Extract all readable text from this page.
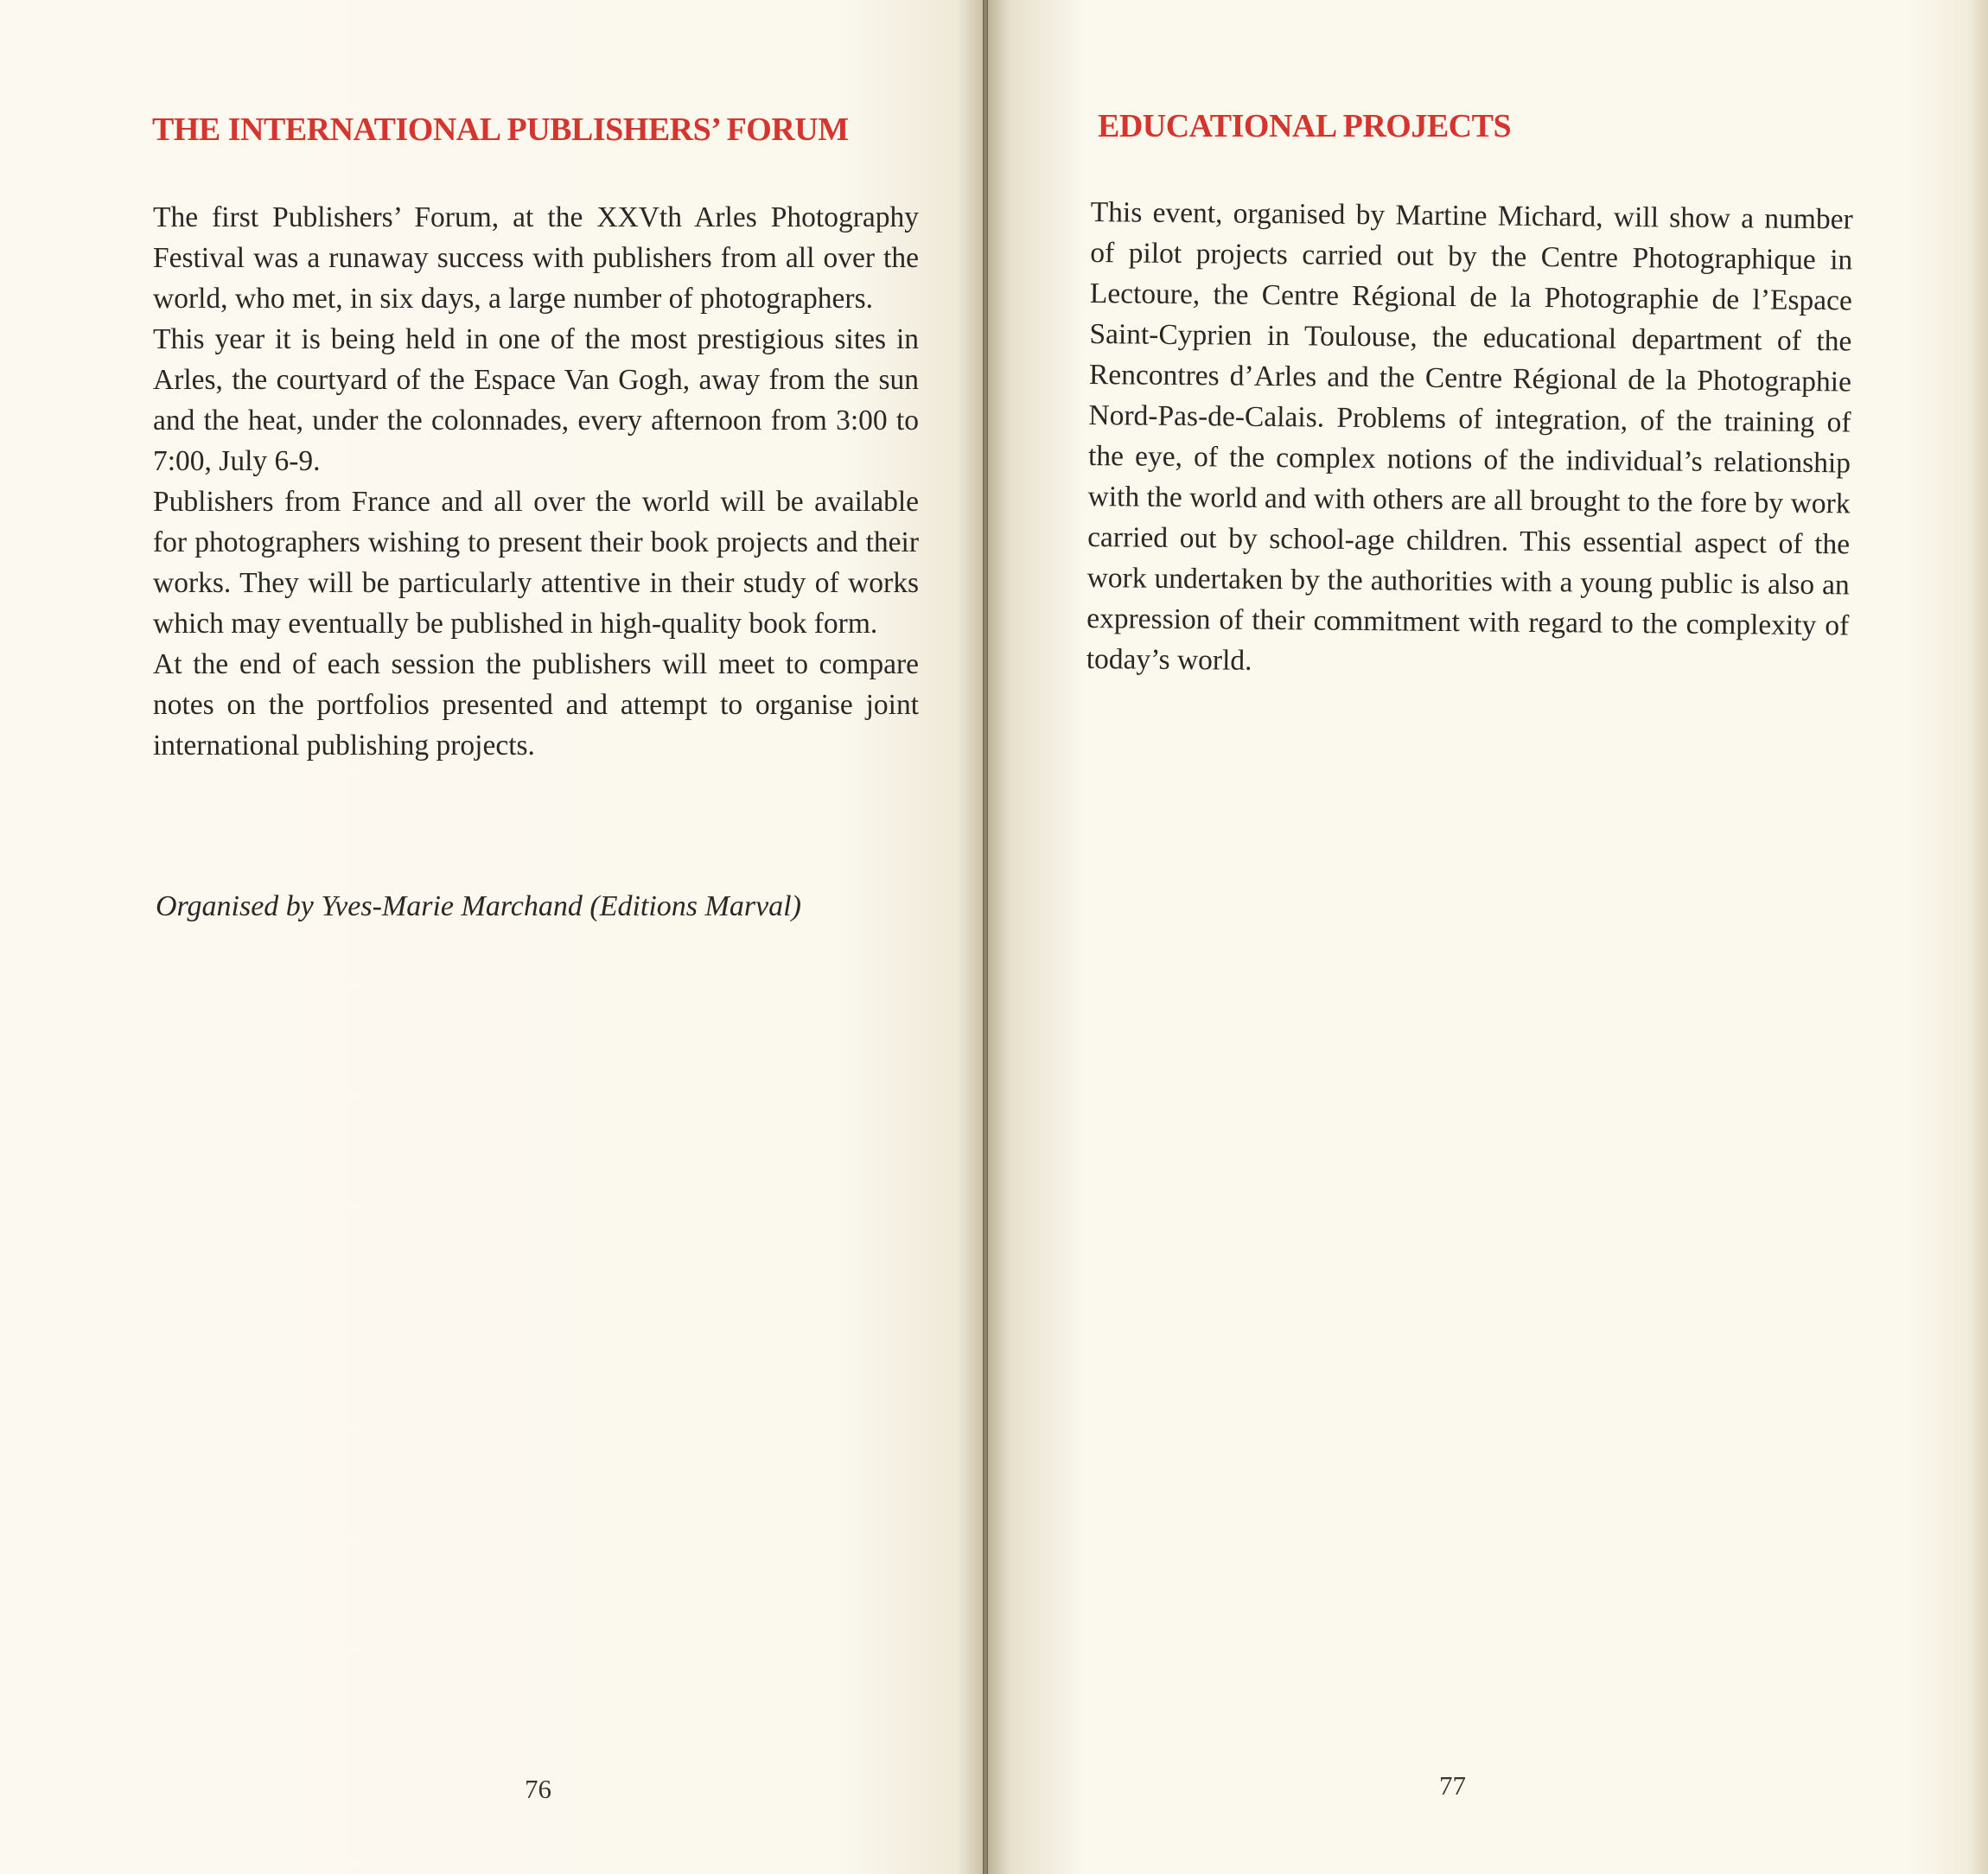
THE INTERNATIONAL PUBLISHERS’ FORUM

The first Publishers’ Forum, at the XXVth Arles Photography Festival was a runaway success with publishers from all over the world, who met, in six days, a large number of photographers.

This year it is being held in one of the most prestigious sites in Arles, the courtyard of the Espace Van Gogh, away from the sun and the heat, under the colonnades, every afternoon from 3:00 to 7:00, July 6-9.

Publishers from France and all over the world will be available for photographers wishing to present their book projects and their works. They will be particularly attentive in their study of works which may eventually be published in high-quality book form.

At the end of each session the publishers will meet to compare notes on the portfolios presented and attempt to organise joint international publishing projects.

Organised by Yves-Marie Marchand (Editions Marval)
76
EDUCATIONAL PROJECTS

This event, organised by Martine Michard, will show a number of pilot projects carried out by the Centre Photographique in Lectoure, the Centre Régional de la Photographie de l’Espace Saint-Cyprien in Toulouse, the educational department of the Rencontres d’Arles and the Centre Régional de la Photographie Nord-Pas-de-Calais. Problems of integration, of the training of the eye, of the complex notions of the individual’s relationship with the world and with others are all brought to the fore by work carried out by school-age children. This essential aspect of the work undertaken by the authorities with a young public is also an expression of their commitment with regard to the complexity of today’s world.

77
